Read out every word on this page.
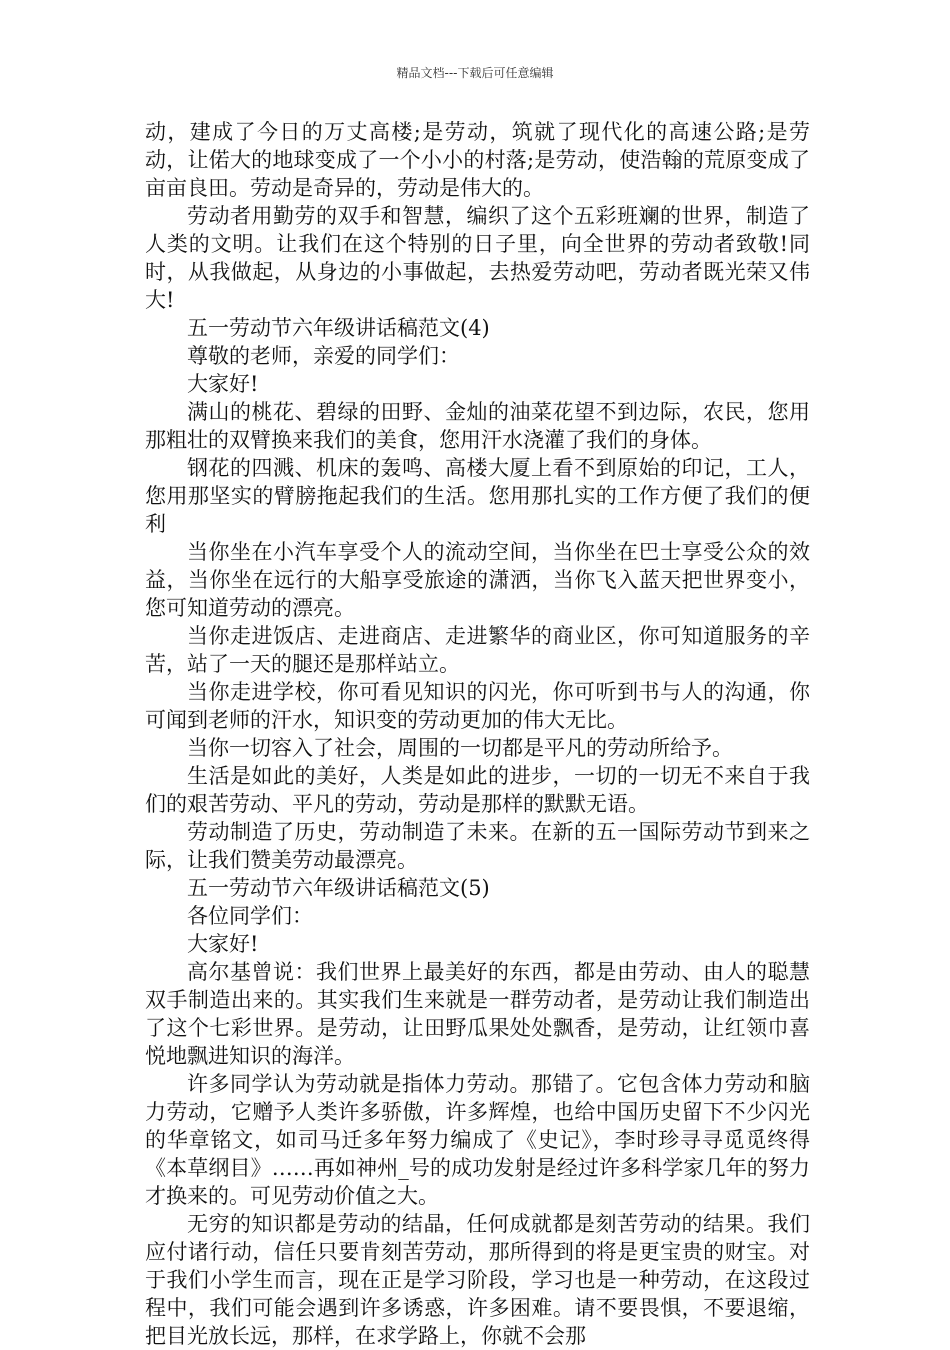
精品文档---下载后可任意编辑

动，建成了今日的万丈高楼;是劳动，筑就了现代化的高速公路;是劳动，让偌大的地球变成了一个小小的村落;是劳动，使浩翰的荒原变成了亩亩良田。劳动是奇异的，劳动是伟大的。

劳动者用勤劳的双手和智慧，编织了这个五彩班斓的世界，制造了人类的文明。让我们在这个特别的日子里，向全世界的劳动者致敬!同时，从我做起，从身边的小事做起，去热爱劳动吧，劳动者既光荣又伟大!

五一劳动节六年级讲话稿范文(4)

尊敬的老师，亲爱的同学们：

大家好!

满山的桃花、碧绿的田野、金灿的油菜花望不到边际，农民，您用那粗壮的双臂换来我们的美食，您用汗水浇灌了我们的身体。

钢花的四溅、机床的轰鸣、高楼大厦上看不到原始的印记，工人，您用那坚实的臂膀拖起我们的生活。您用那扎实的工作方便了我们的便利

当你坐在小汽车享受个人的流动空间，当你坐在巴士享受公众的效益，当你坐在远行的大船享受旅途的潇洒，当你飞入蓝天把世界变小，您可知道劳动的漂亮。

当你走进饭店、走进商店、走进繁华的商业区，你可知道服务的辛苦，站了一天的腿还是那样站立。

当你走进学校，你可看见知识的闪光，你可听到书与人的沟通，你可闻到老师的汗水，知识变的劳动更加的伟大无比。

当你一切容入了社会，周围的一切都是平凡的劳动所给予。

生活是如此的美好，人类是如此的进步，一切的一切无不来自于我们的艰苦劳动、平凡的劳动，劳动是那样的默默无语。

劳动制造了历史，劳动制造了未来。在新的五一国际劳动节到来之际，让我们赞美劳动最漂亮。

五一劳动节六年级讲话稿范文(5)

各位同学们：

大家好!

高尔基曾说：我们世界上最美好的东西，都是由劳动、由人的聪慧双手制造出来的。其实我们生来就是一群劳动者，是劳动让我们制造出了这个七彩世界。是劳动，让田野瓜果处处飘香，是劳动，让红领巾喜悦地飘进知识的海洋。

许多同学认为劳动就是指体力劳动。那错了。它包含体力劳动和脑力劳动，它赠予人类许多骄傲，许多辉煌，也给中国历史留下不少闪光的华章铭文，如司马迁多年努力编成了《史记》，李时珍寻寻觅觅终得《本草纲目》……再如神州_号的成功发射是经过许多科学家几年的努力才换来的。可见劳动价值之大。

无穷的知识都是劳动的结晶，任何成就都是刻苦劳动的结果。我们应付诸行动，信任只要肯刻苦劳动，那所得到的将是更宝贵的财宝。对于我们小学生而言，现在正是学习阶段，学习也是一种劳动，在这段过程中，我们可能会遇到许多诱惑，许多困难。请不要畏惧，不要退缩，把目光放长远，那样，在求学路上，你就不会那
